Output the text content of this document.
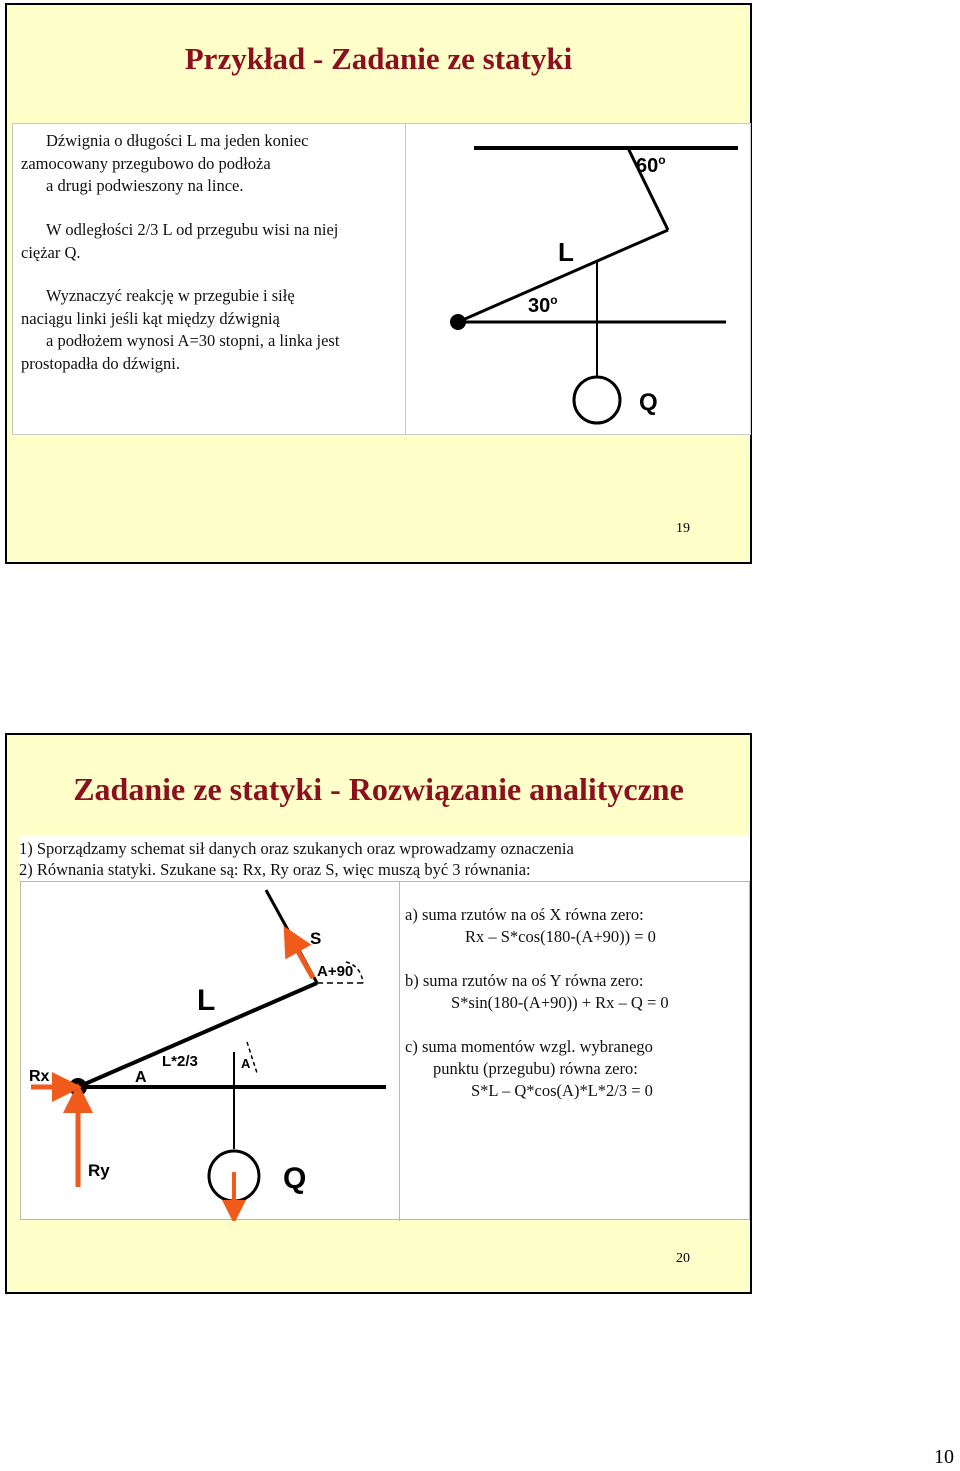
Przykład - Zadanie ze statyki
Dźwignia o długości L ma jeden koniec
zamocowany przegubowo do podłoża

a drugi podwieszony na lince.
W odległości 2/3 L od przegubu wisi na niej
ciężar Q.
Wyznaczyć reakcję w przegubie i siłę
naciągu linki jeśli kąt między dźwignią

a podłożem wynosi A=30 stopni, a linka jest
prostopadła do dźwigni.
60$^o$
L
30$^o$
Q
19
Zadanie ze statyki - Rozwiązanie analityczne
1) Sporządzamy schemat sił danych oraz szukanych oraz wprowadzamy oznaczenia
2) Równania statyki. Szukane są: Rx, Ry oraz S, więc muszą być 3 równania:
S
A+90
L
L*2/3
A
A
Rx
Ry	Q
a) suma rzutów na oś X równa zero:
Rx – S*cos(180-(A+90)) = 0
b) suma rzutów na oś Y równa zero:
S*sin(180-(A+90)) + Rx – Q = 0
c) suma momentów wzgl. wybranego
punktu (przegubu) równa zero:
S*L – Q*cos(A)*L*2/3 = 0
20
10
